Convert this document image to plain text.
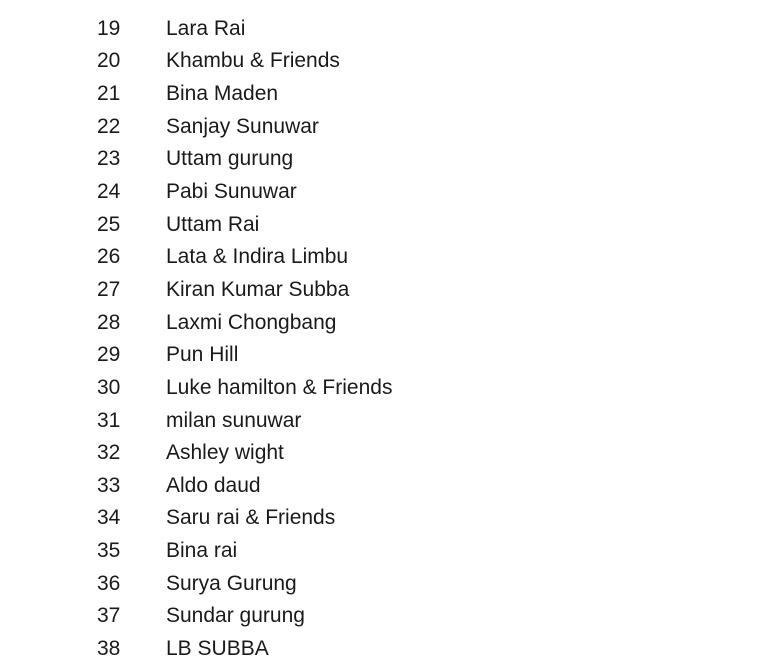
19	Lara Rai
20	Khambu & Friends
21	Bina Maden
22	Sanjay Sunuwar
23	Uttam gurung
24	Pabi Sunuwar
25	Uttam Rai
26	Lata & Indira Limbu
27	Kiran Kumar Subba
28	Laxmi Chongbang
29	Pun Hill
30	Luke hamilton & Friends
31	milan sunuwar
32	Ashley wight
33	Aldo daud
34	Saru rai & Friends
35	Bina rai
36	Surya Gurung
37	Sundar gurung
38	LB SUBBA
